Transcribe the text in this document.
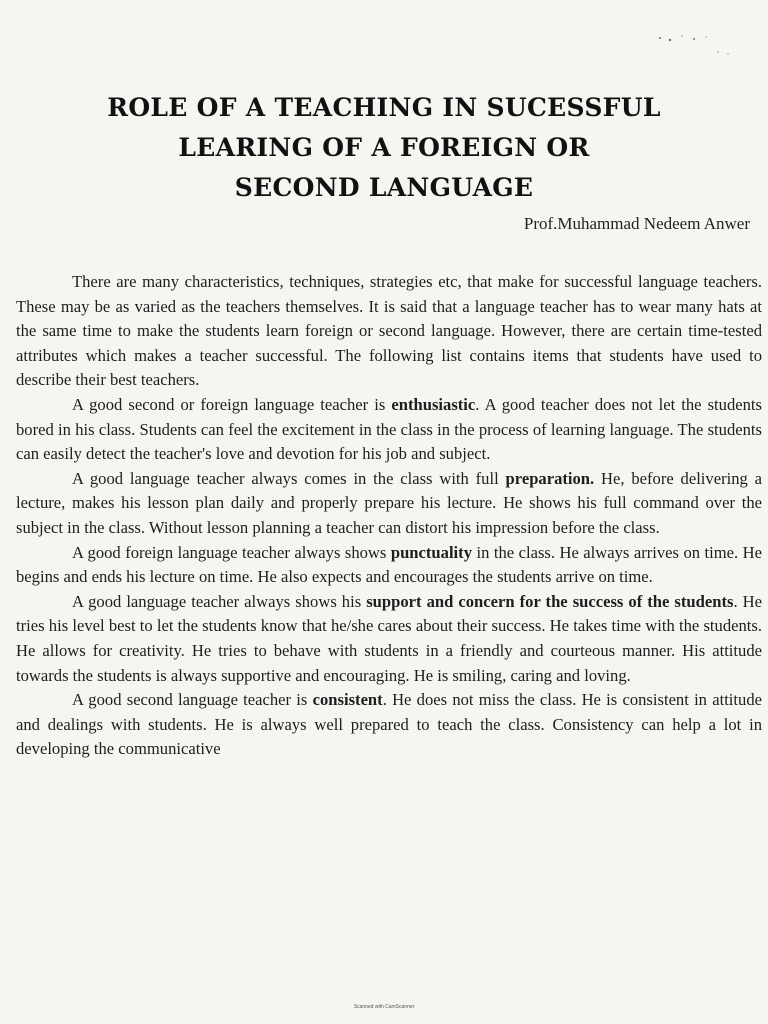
ROLE OF A TEACHING IN SUCESSFUL
LEARING OF A FOREIGN OR
SECOND LANGUAGE
Prof.Muhammad Nedeem Anwer

There are many characteristics, techniques, strategies etc, that make for successful language teachers. These may be as varied as the teachers themselves. It is said that a language teacher has to wear many hats at the same time to make the students learn foreign or second language. However, there are certain time-tested attributes which makes a teacher successful. The following list contains items that students have used to describe their best teachers.

A good second or foreign language teacher is enthusiastic. A good teacher does not let the students bored in his class. Students can feel the excitement in the class in the process of learning language. The students can easily detect the teacher's love and devotion for his job and subject.

A good language teacher always comes in the class with full preparation. He, before delivering a lecture, makes his lesson plan daily and properly prepare his lecture. He shows his full command over the subject in the class. Without lesson planning a teacher can distort his impression before the class.

A good foreign language teacher always shows punctuality in the class. He always arrives on time. He begins and ends his lecture on time. He also expects and encourages the students arrive on time.

A good language teacher always shows his support and concern for the success of the students. He tries his level best to let the students know that he/she cares about their success. He takes time with the students. He allows for creativity. He tries to behave with students in a friendly and courteous manner. His attitude towards the students is always supportive and encouraging. He is smiling, caring and loving.

A good second language teacher is consistent. He does not miss the class. He is consistent in attitude and dealings with students. He is always well prepared to teach the class. Consistency can help a lot in developing the communicative

Scanned with CamScanner
